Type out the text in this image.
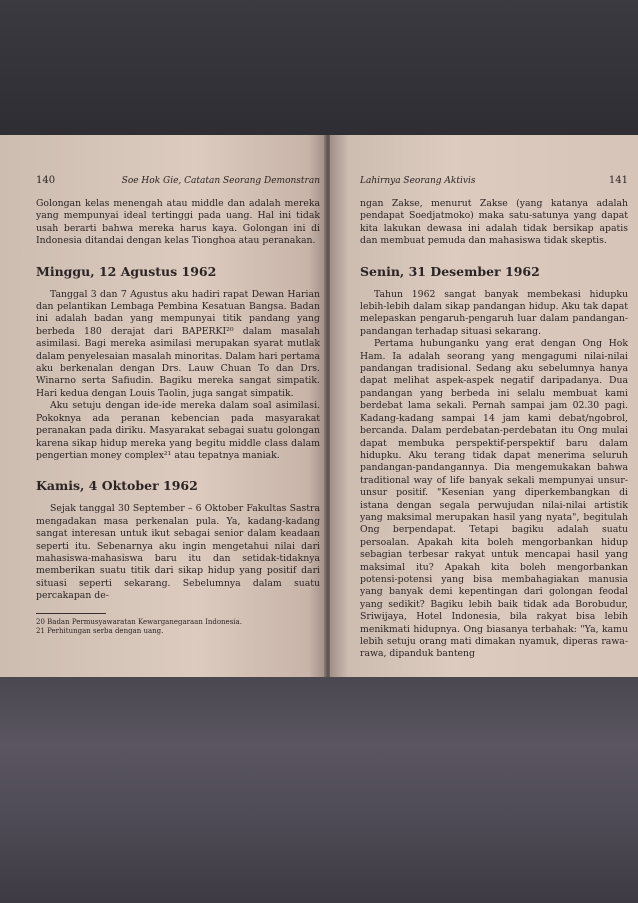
140	Soe Hok Gie, Catatan Seorang Demonstran

Golongan kelas menengah atau middle dan adalah mereka yang mempunyai ideal tertinggi pada uang. Hal ini tidak usah berarti bahwa mereka harus kaya. Golongan ini di Indonesia ditandai dengan kelas Tionghoa atau peranakan.

Minggu, 12 Agustus 1962

Tanggal 3 dan 7 Agustus aku hadiri rapat Dewan Harian dan pelantikan Lembaga Pembina Kesatuan Bangsa. Badan ini adalah badan yang mempunyai titik pandang yang berbeda 180 derajat dari BAPERKI²⁰ dalam masalah asimilasi. Bagi mereka asimilasi merupakan syarat mutlak dalam penyelesaian masalah minoritas. Dalam hari pertama aku berkenalan dengan Drs. Lauw Chuan To dan Drs. Winarno serta Safiudin. Bagiku mereka sangat simpatik. Hari kedua dengan Louis Taolin, juga sangat simpatik.

Aku setuju dengan ide-ide mereka dalam soal asimilasi. Pokoknya ada peranan kebencian pada masyarakat peranakan pada diriku. Masyarakat sebagai suatu golongan karena sikap hidup mereka yang begitu middle class dalam pengertian money complex²¹ atau tepatnya maniak.

Kamis, 4 Oktober 1962

Sejak tanggal 30 September – 6 Oktober Fakultas Sastra mengadakan masa perkenalan pula. Ya, kadang-kadang sangat interesan untuk ikut sebagai senior dalam keadaan seperti itu. Sebenarnya aku ingin mengetahui nilai dari mahasiswa-mahasiswa baru itu dan setidak-tidaknya memberikan suatu titik dari sikap hidup yang positif dari situasi seperti sekarang. Sebelumnya dalam suatu percakapan de-

20 Badan Permusyawaratan Kewarganegaraan Indonesia.

21 Perhitungan serba dengan uang.

Lahirnya Seorang Aktivis	141

ngan Zakse, menurut Zakse (yang katanya adalah pendapat Soedjatmoko) maka satu-satunya yang dapat kita lakukan dewasa ini adalah tidak bersikap apatis dan membuat pemuda dan mahasiswa tidak skeptis.

Senin, 31 Desember 1962

Tahun 1962 sangat banyak membekasi hidupku lebih-lebih dalam sikap pandangan hidup. Aku tak dapat melepaskan pengaruh-pengaruh luar dalam pandangan-pandangan terhadap situasi sekarang.

Pertama hubunganku yang erat dengan Ong Hok Ham. Ia adalah seorang yang mengagumi nilai-nilai pandangan tradisional. Sedang aku sebelumnya hanya dapat melihat aspek-aspek negatif daripadanya. Dua pandangan yang berbeda ini selalu membuat kami berdebat lama sekali. Pernah sampai jam 02.30 pagi. Kadang-kadang sampai 14 jam kami debat/ngobrol, bercanda. Dalam perdebatan-perdebatan itu Ong mulai dapat membuka perspektif-perspektif baru dalam hidupku. Aku terang tidak dapat menerima seluruh pandangan-pandangannya. Dia mengemukakan bahwa traditional way of life banyak sekali mempunyai unsur-unsur positif. "Kesenian yang diperkembangkan di istana dengan segala perwujudan nilai-nilai artistik yang maksimal merupakan hasil yang nyata", begitulah Ong berpendapat. Tetapi bagiku adalah suatu persoalan. Apakah kita boleh mengorbankan hidup sebagian terbesar rakyat untuk mencapai hasil yang maksimal itu? Apakah kita boleh mengorbankan potensi-potensi yang bisa membahagiakan manusia yang banyak demi kepentingan dari golongan feodal yang sedikit? Bagiku lebih baik tidak ada Borobudur, Sriwijaya, Hotel Indonesia, bila rakyat bisa lebih menikmati hidupnya. Ong biasanya terbahak: "Ya, kamu lebih setuju orang mati dimakan nyamuk, diperas rawa-rawa, dipanduk banteng
